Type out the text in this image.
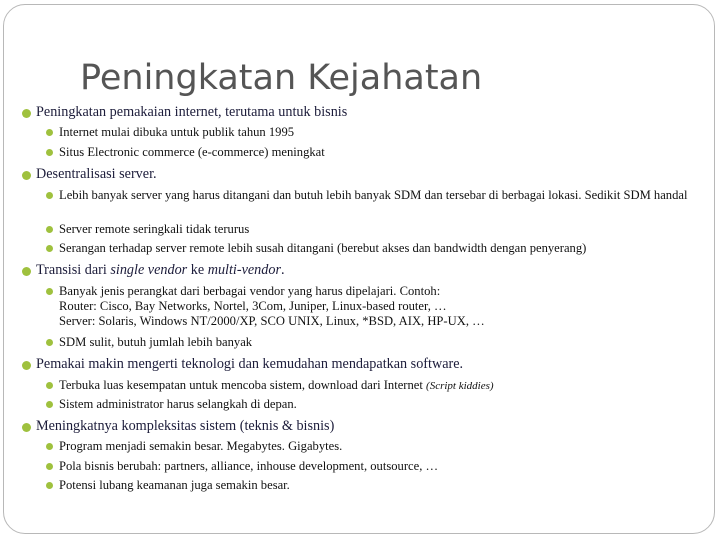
Peningkatan Kejahatan
Peningkatan pemakaian internet, terutama untuk bisnis
Internet mulai dibuka untuk publik tahun 1995
Situs Electronic commerce (e-commerce) meningkat
Desentralisasi server.
Lebih banyak server yang harus ditangani dan butuh lebih banyak SDM dan tersebar di berbagai lokasi. Sedikit SDM handal
Server remote seringkali tidak terurus
Serangan terhadap server remote lebih susah ditangani (berebut akses dan bandwidth dengan penyerang)
Transisi dari single vendor ke multi-vendor.
Banyak jenis perangkat dari berbagai vendor yang harus dipelajari. Contoh:
Router: Cisco, Bay Networks, Nortel, 3Com, Juniper, Linux-based router, …
Server: Solaris, Windows NT/2000/XP, SCO UNIX, Linux, *BSD, AIX, HP-UX, …
SDM sulit, butuh jumlah lebih banyak
Pemakai makin mengerti teknologi dan kemudahan mendapatkan software.
Terbuka luas kesempatan untuk mencoba sistem, download dari Internet (Script kiddies)
Sistem administrator harus selangkah di depan.
Meningkatnya kompleksitas sistem (teknis & bisnis)
Program menjadi semakin besar. Megabytes. Gigabytes.
Pola bisnis berubah: partners, alliance, inhouse development, outsource, …
Potensi lubang keamanan juga semakin besar.
